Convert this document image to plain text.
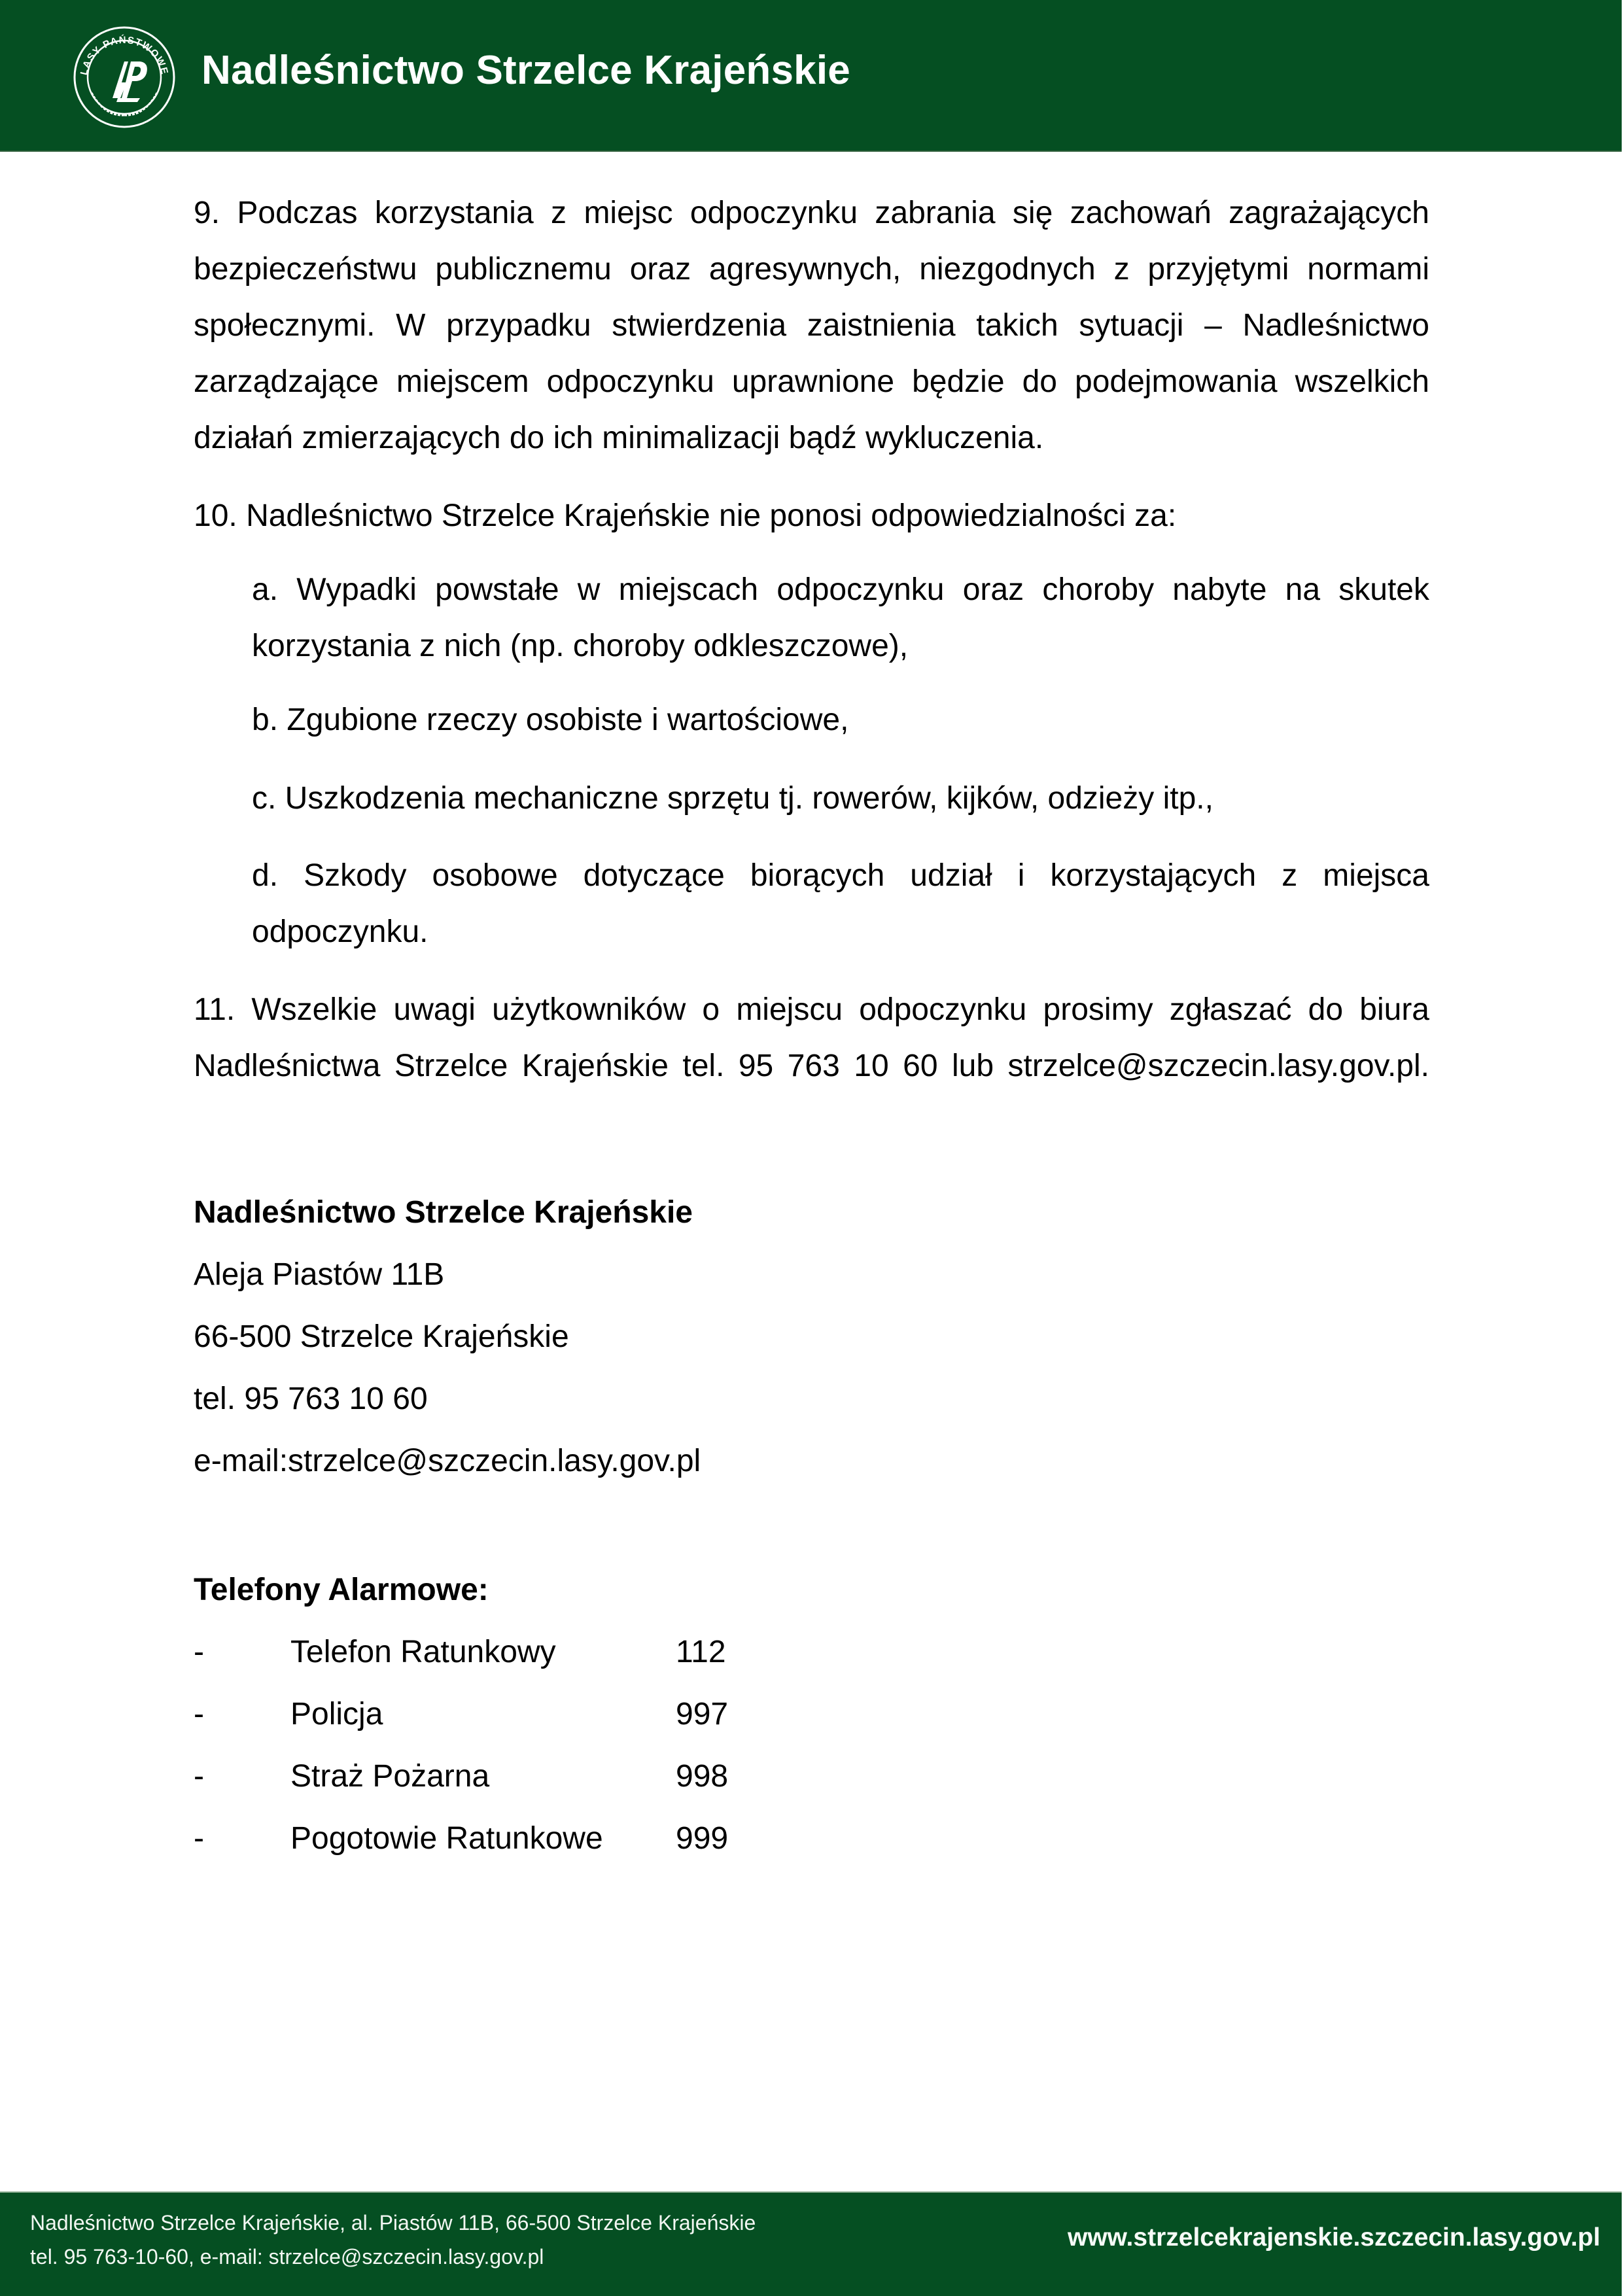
LASY PAŃSTWOWE Nadleśnictwo Strzelce Krajeńskie
9. Podczas korzystania z miejsc odpoczynku zabrania się zachowań zagrażających
bezpieczeństwu publicznemu oraz agresywnych, niezgodnych z przyjętymi normami
społecznymi. W przypadku stwierdzenia zaistnienia takich sytuacji – Nadleśnictwo
zarządzające miejscem odpoczynku uprawnione będzie do podejmowania wszelkich
działań zmierzających do ich minimalizacji bądź wykluczenia.
10. Nadleśnictwo Strzelce Krajeńskie nie ponosi odpowiedzialności za:
a. Wypadki powstałe w miejscach odpoczynku oraz choroby nabyte na skutek
korzystania z nich (np. choroby odkleszczowe),
b. Zgubione rzeczy osobiste i wartościowe,
c. Uszkodzenia mechaniczne sprzętu tj. rowerów, kijków, odzieży itp.,
d. Szkody osobowe dotyczące biorących udział i korzystających z miejsca
odpoczynku.
11. Wszelkie uwagi użytkowników o miejscu odpoczynku prosimy zgłaszać do biura
Nadleśnictwa Strzelce Krajeńskie tel. 95 763 10 60 lub strzelce@szczecin.lasy.gov.pl.
Nadleśnictwo Strzelce Krajeńskie
Aleja Piastów 11B
66-500 Strzelce Krajeńskie
tel. 95 763 10 60
e-mail:strzelce@szczecin.lasy.gov.pl
Telefony Alarmowe:
-	Telefon Ratunkowy	112
-	Policja	997
-	Straż Pożarna	998
-	Pogotowie Ratunkowe 999
Nadleśnictwo Strzelce Krajeńskie, al. Piastów 11B, 66-500 Strzelce Krajeńskie
tel. 95 763-10-60, e-mail: strzelce@szczecin.lasy.gov.pl
www.strzelcekrajenskie.szczecin.lasy.gov.pl
